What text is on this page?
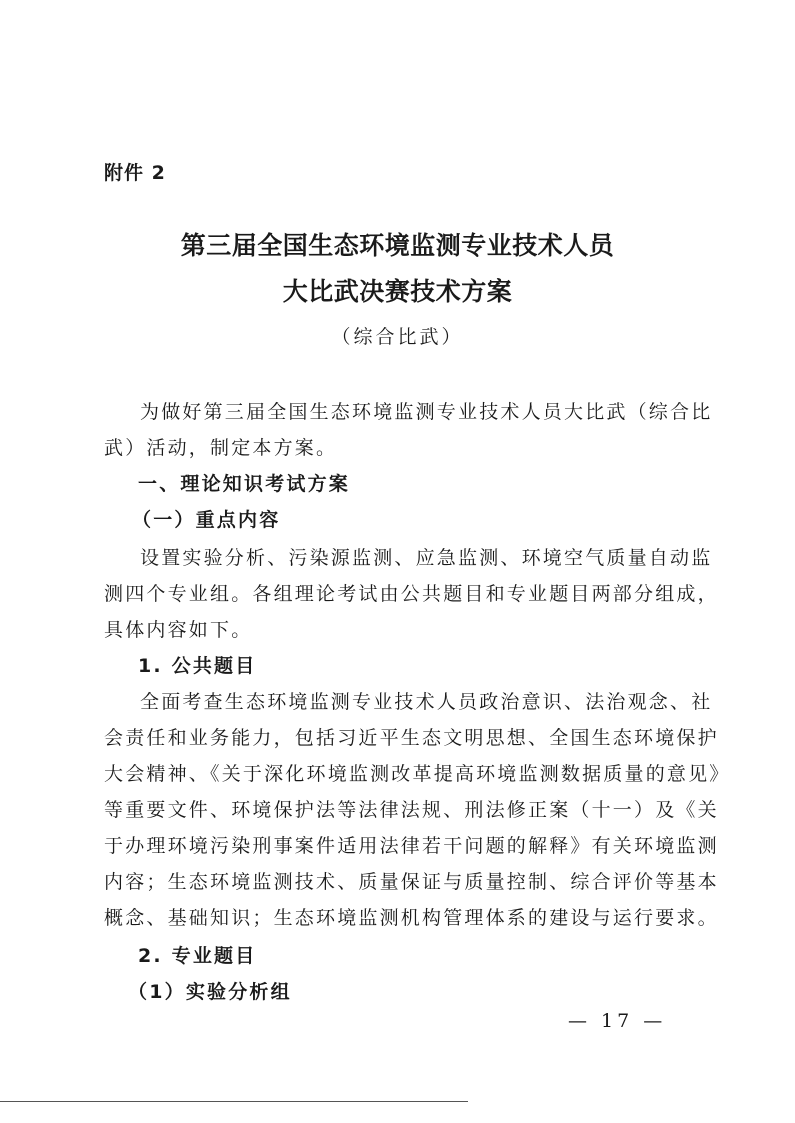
附件 2
第三届全国生态环境监测专业技术人员
大比武决赛技术方案
（综合比武）
为做好第三届全国生态环境监测专业技术人员大比武（综合比
武）活动，制定本方案。
一、理论知识考试方案
（一）重点内容
设置实验分析、污染源监测、应急监测、环境空气质量自动监
测四个专业组。各组理论考试由公共题目和专业题目两部分组成，
具体内容如下。
1. 公共题目
全面考查生态环境监测专业技术人员政治意识、法治观念、社
会责任和业务能力，包括习近平生态文明思想、全国生态环境保护
大会精神、《关于深化环境监测改革提高环境监测数据质量的意见》
等重要文件、环境保护法等法律法规、刑法修正案（十一）及《关
于办理环境污染刑事案件适用法律若干问题的解释》有关环境监测
内容；生态环境监测技术、质量保证与质量控制、综合评价等基本
概念、基础知识；生态环境监测机构管理体系的建设与运行要求。
2. 专业题目
（1）实验分析组
— 17 —
